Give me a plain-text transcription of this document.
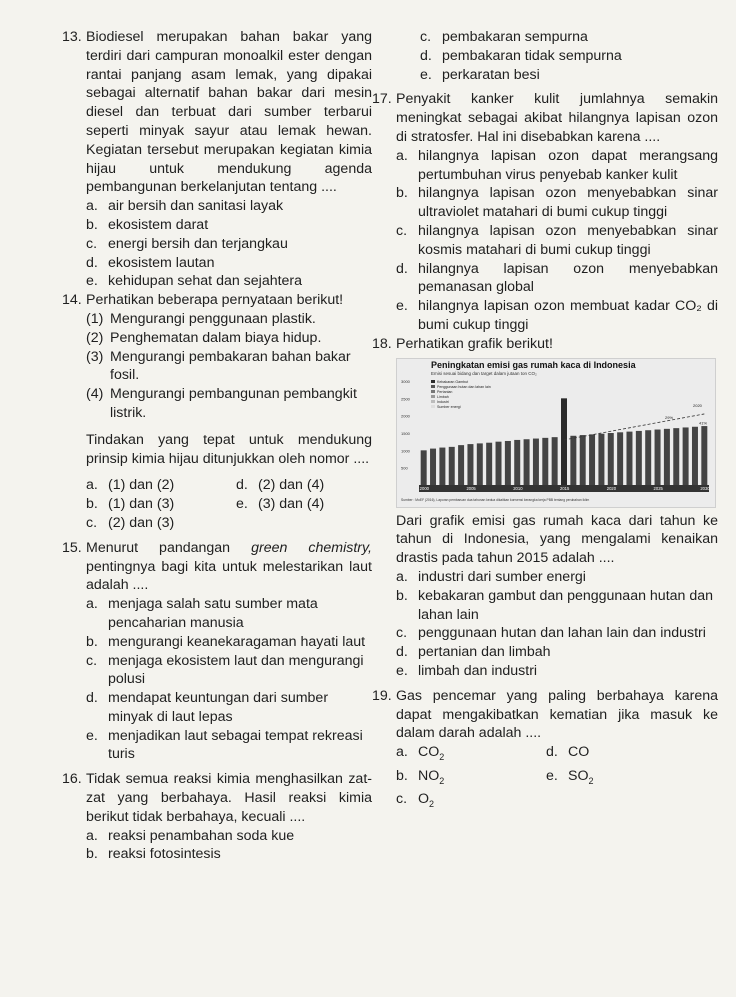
13. Biodiesel merupakan bahan bakar yang terdiri dari campuran monoalkil ester dengan rantai panjang asam lemak, yang dipakai sebagai alternatif bahan bakar dari mesin diesel dan terbuat dari sumber terbarui seperti minyak sayur atau lemak hewan. Kegiatan tersebut merupakan kegiatan kimia hijau untuk mendukung agenda pembangunan berkelanjutan tentang ....

a. air bersih dan sanitasi layak
b. ekosistem darat
c. energi bersih dan terjangkau
d. ekosistem lautan
e. kehidupan sehat dan sejahtera
14. Perhatikan beberapa pernyataan berikut!

(1) Mengurangi penggunaan plastik.
(2) Penghematan dalam biaya hidup.
(3) Mengurangi pembakaran bahan bakar fosil.
(4) Mengurangi pembangunan pembangkit listrik.

Tindakan yang tepat untuk mendukung prinsip kimia hijau ditunjukkan oleh nomor ....

a. (1) dan (2)	d. (2) dan (4)
b. (1) dan (3)	e. (3) dan (4)
c. (2) dan (3)
15. Menurut pandangan green chemistry, pentingnya bagi kita untuk melestarikan laut adalah ....

a. menjaga salah satu sumber mata pencaharian manusia
b. mengurangi keanekaragaman hayati laut
c. menjaga ekosistem laut dan mengurangi polusi
d. mendapat keuntungan dari sumber minyak di laut lepas
e. menjadikan laut sebagai tempat rekreasi turis
16. Tidak semua reaksi kimia menghasilkan zat-zat yang berbahaya. Hasil reaksi kimia berikut tidak berbahaya, kecuali ....

a. reaksi penambahan soda kue
b. reaksi fotosintesis
c. pembakaran sempurna
d. pembakaran tidak sempurna
e. perkaratan besi
17. Penyakit kanker kulit jumlahnya semakin meningkat sebagai akibat hilangnya lapisan ozon di stratosfer. Hal ini disebabkan karena ....

a. hilangnya lapisan ozon dapat merangsang pertumbuhan virus penyebab kanker kulit
b. hilangnya lapisan ozon menyebabkan sinar ultraviolet matahari di bumi cukup tinggi
c. hilangnya lapisan ozon menyebabkan sinar kosmis matahari di bumi cukup tinggi
d. hilangnya lapisan ozon menyebabkan pemanasan global
e. hilangnya lapisan ozon membuat kadar CO₂ di bumi cukup tinggi
18. Perhatikan grafik berikut!

Peningkatan emisi gas rumah kaca di Indonesia
Emisi sesuai bidang dan target dalam jutaan ton CO₂
3000
2500
2000
1500
1000
500
Kebakaran Gambut
Penggunaan hutan dan lahan lain
Pertanian
Limbah
Industri
Sumber energi
29%
41%
2020
2000	2005	2010	2015	2020	2025	2030
Sumber : MoEF (2016), Laporan pembaruan dua tahunan kedua dikaitkan konvensi kerangka kerja PBB tentang perubahan iklim

Dari grafik emisi gas rumah kaca dari tahun ke tahun di Indonesia, yang mengalami kenaikan drastis pada tahun 2015 adalah ....

a. industri dari sumber energi
b. kebakaran gambut dan penggunaan hutan dan lahan lain
c. penggunaan hutan dan lahan lain dan industri
d. pertanian dan limbah
e. limbah dan industri
19. Gas pencemar yang paling berbahaya karena dapat mengakibatkan kematian jika masuk ke dalam darah adalah ....

a. $CO_2$	d. CO
b. $NO_2$	e. $SO_2$
c. $O_2$
